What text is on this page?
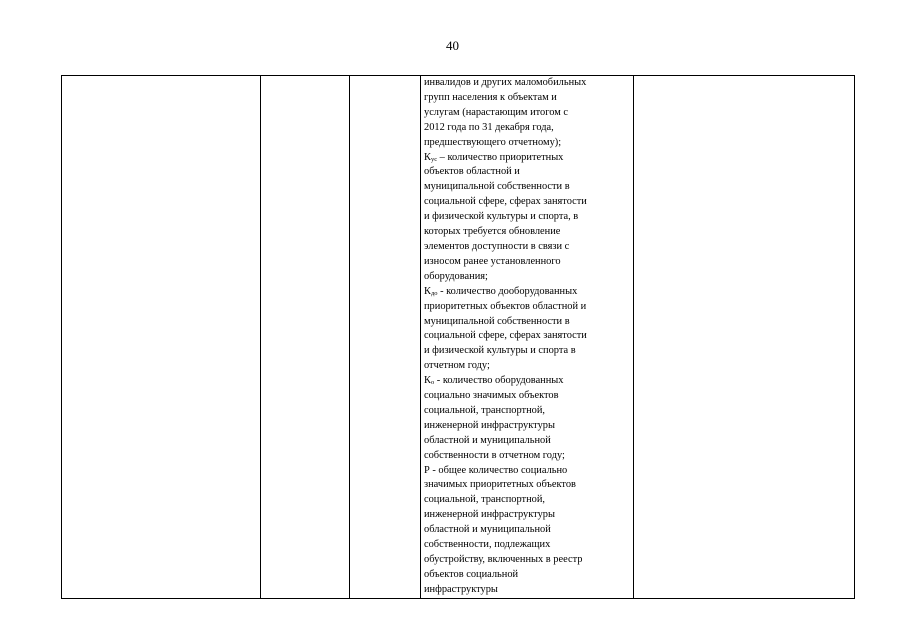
40

инвалидов и других маломобильных
групп населения к объектам и
услугам (нарастающим итогом с
2012 года по 31 декабря года,
предшествующего отчетному);
$К_{ус}$ – количество приоритетных
объектов областной и
муниципальной собственности в
социальной сфере, сферах занятости
и физической культуры и спорта, в
которых требуется обновление
элементов доступности в связи с
износом ранее установленного
оборудования;
$К_{до}$ - количество дооборудованных
приоритетных объектов областной и
муниципальной собственности в
социальной сфере, сферах занятости
и физической культуры и спорта в
отчетном году;
$К_о$ - количество оборудованных
социально значимых объектов
социальной, транспортной,
инженерной инфраструктуры
областной и муниципальной
собственности в отчетном году;
Р - общее количество социально
значимых приоритетных объектов
социальной, транспортной,
инженерной инфраструктуры
областной и муниципальной
собственности, подлежащих
обустройству, включенных в реестр
объектов социальной
инфраструктуры
